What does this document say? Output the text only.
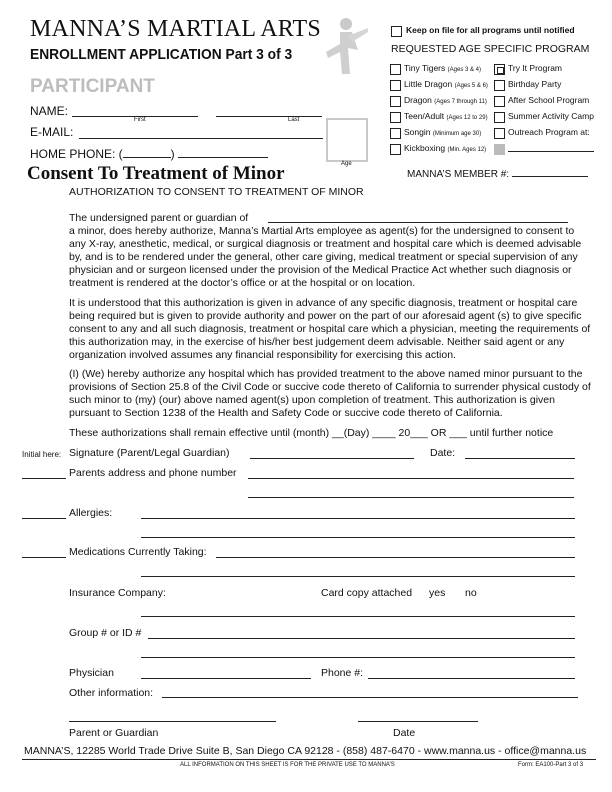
MANNA’S MARTIAL ARTS
ENROLLMENT APPLICATION Part 3 of 3
PARTICIPANT
Keep on file for all programs until notified
REQUESTED AGE SPECIFIC PROGRAM
Tiny Tigers (Ages 3 & 4)
Little Dragon (Ages 5 & 6)
Dragon (Ages 7 through 11)
Teen/Adult (Ages 12 to 29)
Songin (Minimum age 30)
Kickboxing (Min. Ages 12)
Try It Program
Birthday Party
After School Program
Summer Activity Camp
Outreach Program at:
NAME:
First	Last
E-MAIL:
HOME PHONE: (	)
Age
Consent To Treatment of Minor	MANNA’S MEMBER #:
AUTHORIZATION TO CONSENT TO TREATMENT OF MINOR
The undersigned parent or guardian of
a minor, does hereby authorize, Manna’s Martial Arts employee as agent(s) for the undersigned to consent to any X-ray, anesthetic, medical, or surgical diagnosis or treatment and hospital care which is deemed advisable by, and is to be rendered under the general, other care giving, medical treatment or special supervision of any physician and or surgeon licensed under the provision of the Medical Practice Act whether such diagnosis or treatment is rendered at the doctor’s office or at the hospital or on location.
It is understood that this authorization is given in advance of any specific diagnosis, treatment or hospital care being required but is given to provide authority and power on the part of our aforesaid agent (s) to give specific consent to any and all such diagnosis, treatment or hospital care which a physician, meeting the requirements of this authorization may, in the exercise of his/her best judgement deem advisable. Neither said agent or any organization involved assumes any financial responsibility for exercising this action.
(I) (We) hereby authorize any hospital which has provided treatment to the above named minor pursuant to the provisions of Section 25.8 of the Civil Code or succive code thereto of California to surrender physical custody of such minor to (my) (our) above named agent(s) upon completion of treatment. This authorization is given pursuant to Section 1238 of the Health and Safety Code or succive code thereto of California.
These authorizations shall remain effective until (month) __(Day) ____ 20___ OR ___ until further notice
Initial here: Signature (Parent/Legal Guardian)	Date:
Parents address and phone number
Allergies:
Medications Currently Taking:
Insurance Company:	Card copy attached yes no
Group # or ID #
Physician	Phone #:
Other information:
Parent or Guardian	Date
MANNA’S, 12285 World Trade Drive Suite B, San Diego CA 92128 - (858) 487-6470 - www.manna.us - office@manna.us
ALL INFORMATION ON THIS SHEET IS FOR THE PRIVATE USE TO MANNA’S	Form: EA100-Part 3 of 3
